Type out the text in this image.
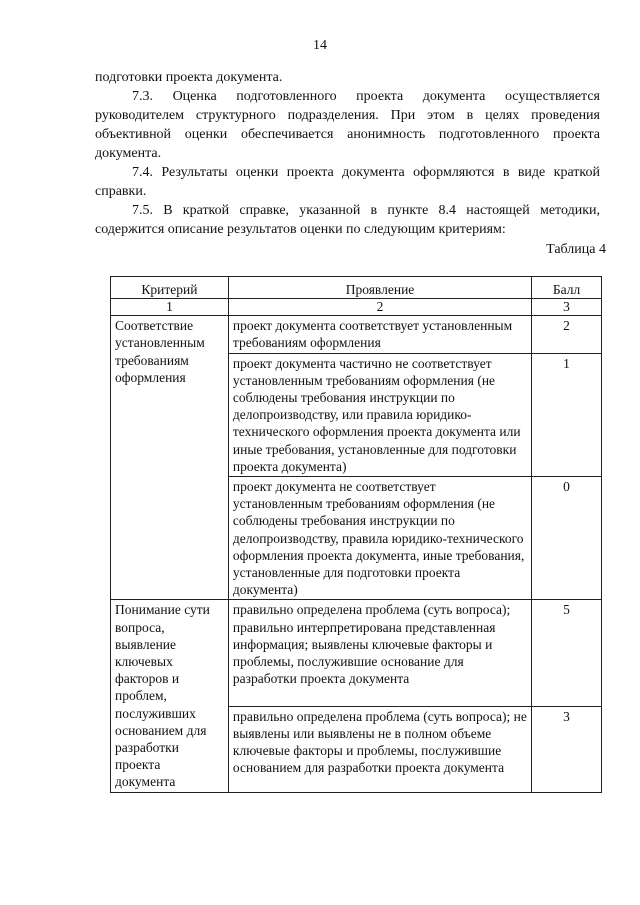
14

подготовки проекта документа.

7.3. Оценка подготовленного проекта документа осуществляется руководителем структурного подразделения. При этом в целях проведения объективной оценки обеспечивается анонимность подготовленного проекта документа.

7.4. Результаты оценки проекта документа оформляются в виде краткой справки.

7.5. В краткой справке, указанной в пункте 8.4 настоящей методики, содержится описание результатов оценки по следующим критериям:

Таблица 4
Критерий	Проявление	Балл
1	2	3
Соответствие установленным требованиям оформления	проект документа соответствует установленным требованиям оформления	2
	проект документа частично не соответствует установленным требованиям оформления (не соблюдены требования инструкции по делопроизводству, или правила юридико-технического оформления проекта документа или иные требования, установленные для подготовки проекта документа)	1
	проект документа не соответствует установленным требованиям оформления (не соблюдены требования инструкции по делопроизводству, правила юридико-технического оформления проекта документа, иные требования, установленные для подготовки проекта документа)	0
Понимание сути вопроса, выявление ключевых факторов и проблем, послуживших основанием для разработки проекта документа	правильно определена проблема (суть вопроса); правильно интерпретирована представленная информация; выявлены ключевые факторы и проблемы, послужившие основание для разработки проекта документа	5
	правильно определена проблема (суть вопроса); не выявлены или выявлены не в полном объеме ключевые факторы и проблемы, послужившие основанием для разработки проекта документа	3
